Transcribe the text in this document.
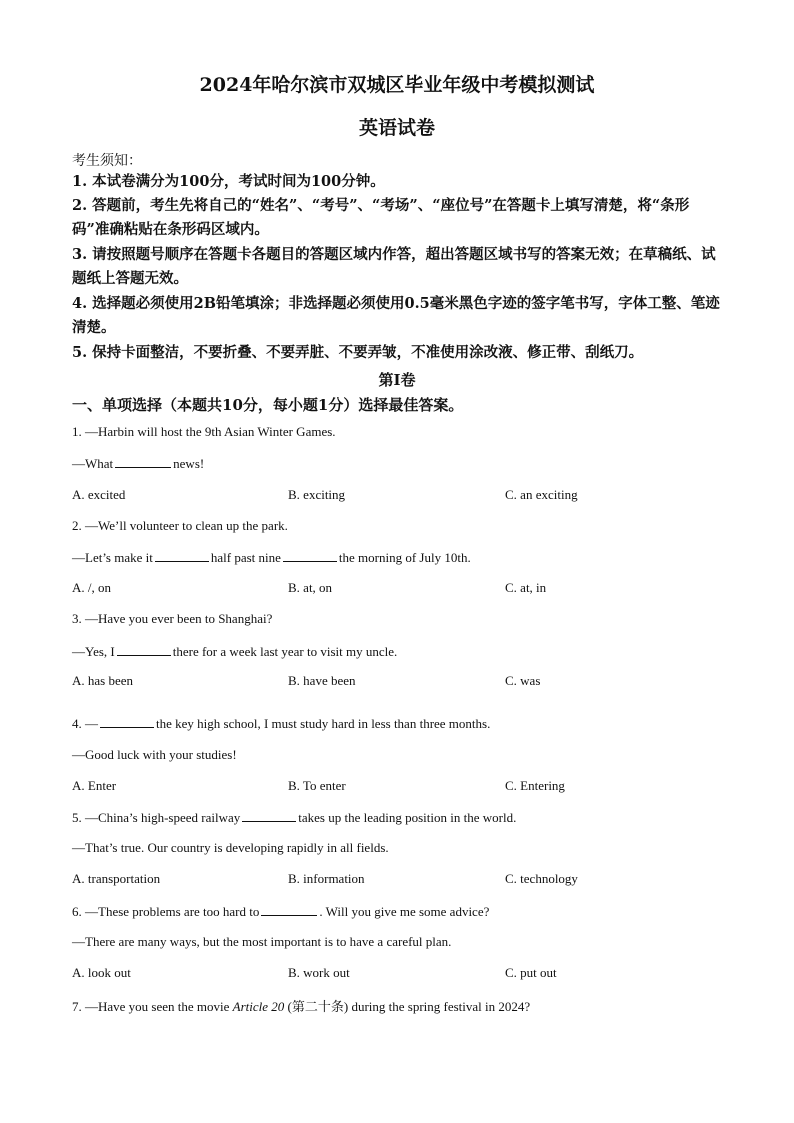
2024年哈尔滨市双城区毕业年级中考模拟测试
英语试卷
考生须知：
1. 本试卷满分为100分，考试时间为100分钟。
2. 答题前，考生先将自己的“姓名”、“考号”、“考场”、“座位号”在答题卡上填写清楚，将“条形码”准确粘贴在条形码区域内。
3. 请按照题号顺序在答题卡各题目的答题区域内作答，超出答题区域书写的答案无效；在草稿纸、试题纸上答题无效。
4. 选择题必须使用2B铅笔填涂；非选择题必须使用0.5毫米黑色字迹的签字笔书写，字体工整、笔迹清楚。
5. 保持卡面整洁，不要折叠、不要弄脏、不要弄皱，不准使用涂改液、修正带、刮纸刀。
第I卷
一、单项选择（本题共10分，每小题1分）选择最佳答案。
1. —Harbin will host the 9th Asian Winter Games.
—What	news!
A. excited	B. exciting	C. an exciting
2. —We’ll volunteer to clean up the park.
—Let’s make it	half past nine	the morning of July 10th.
A. /, on	B. at, on	C. at, in
3. —Have you ever been to Shanghai?
—Yes, I	there for a week last year to visit my uncle.
A. has been	B. have been	C. was
4. —	the key high school, I must study hard in less than three months.
—Good luck with your studies!
A. Enter	B. To enter	C. Entering
5. —China’s high-speed railway	takes up the leading position in the world.
—That’s true. Our country is developing rapidly in all fields.
A. transportation	B. information	C. technology
6. —These problems are too hard to	. Will you give me some advice?
—There are many ways, but the most important is to have a careful plan.
A. look out	B. work out	C. put out
7. —Have you seen the movie Article 20 (第二十条) during the spring festival in 2024?
